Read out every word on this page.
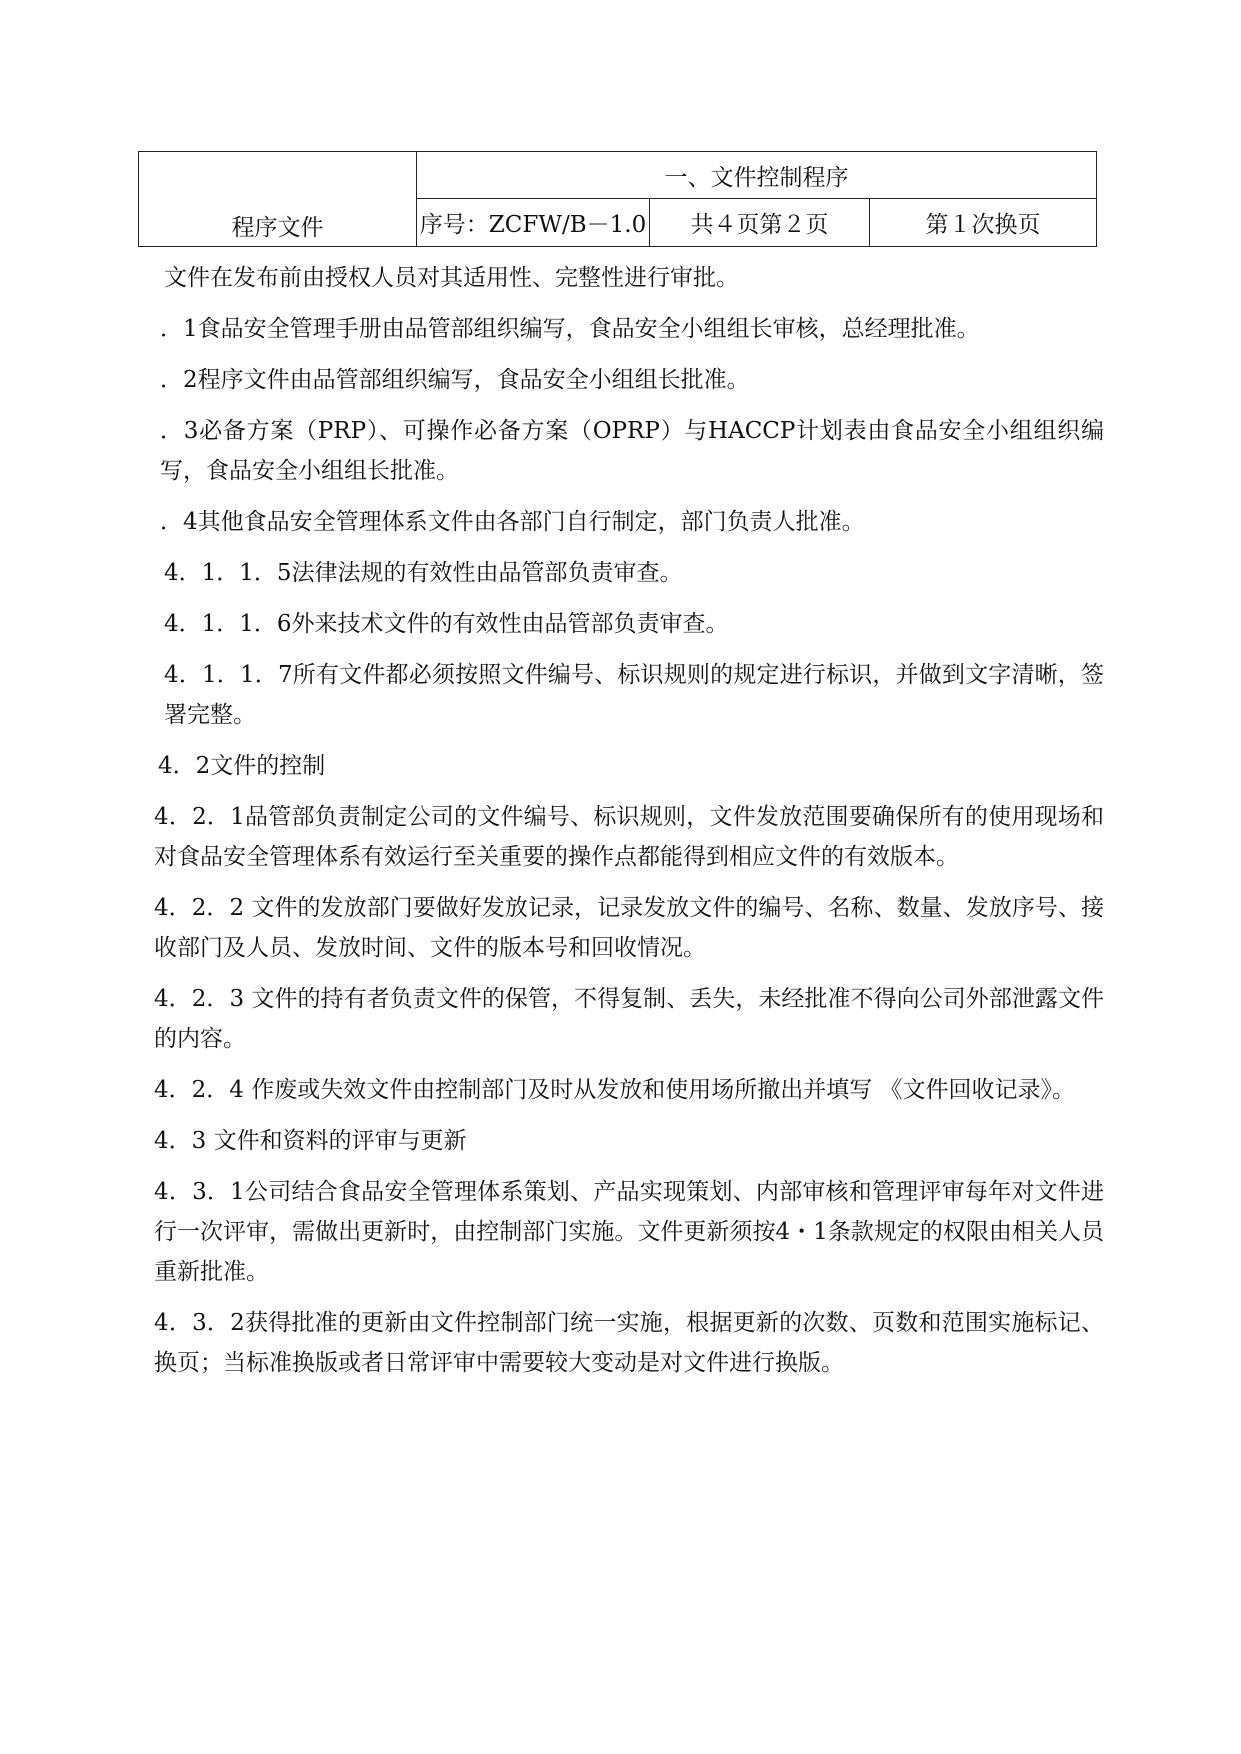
程序文件	一、文件控制程序		
	序号：ZCFW/B－1.0	共４页第２页	第１次换页

文件在发布前由授权人员对其适用性、完整性进行审批。

．1食品安全管理手册由品管部组织编写，食品安全小组组长审核，总经理批准。

．2程序文件由品管部组织编写，食品安全小组组长批准。

．3必备方案（PRP）、可操作必备方案（OPRP）与HACCP计划表由食品安全小组组织编写，食品安全小组组长批准。

．4其他食品安全管理体系文件由各部门自行制定，部门负责人批准。

4．1．1．5法律法规的有效性由品管部负责审查。

4．1．1．6外来技术文件的有效性由品管部负责审查。

4．1．1．7所有文件都必须按照文件编号、标识规则的规定进行标识，并做到文字清晰，签署完整。

4．2文件的控制

4．2．1品管部负责制定公司的文件编号、标识规则，文件发放范围要确保所有的使用现场和对食品安全管理体系有效运行至关重要的操作点都能得到相应文件的有效版本。

4．2．2 文件的发放部门要做好发放记录，记录发放文件的编号、名称、数量、发放序号、接收部门及人员、发放时间、文件的版本号和回收情况。

4．2．3 文件的持有者负责文件的保管，不得复制、丢失，未经批准不得向公司外部泄露文件的内容。

4．2．4 作废或失效文件由控制部门及时从发放和使用场所撤出并填写 《文件回收记录》。

4．3 文件和资料的评审与更新

4．3．1公司结合食品安全管理体系策划、产品实现策划、内部审核和管理评审每年对文件进行一次评审，需做出更新时，由控制部门实施。文件更新须按4・1条款规定的权限由相关人员重新批准。

4．3．2获得批准的更新由文件控制部门统一实施，根据更新的次数、页数和范围实施标记、换页；当标准换版或者日常评审中需要较大变动是对文件进行换版。
